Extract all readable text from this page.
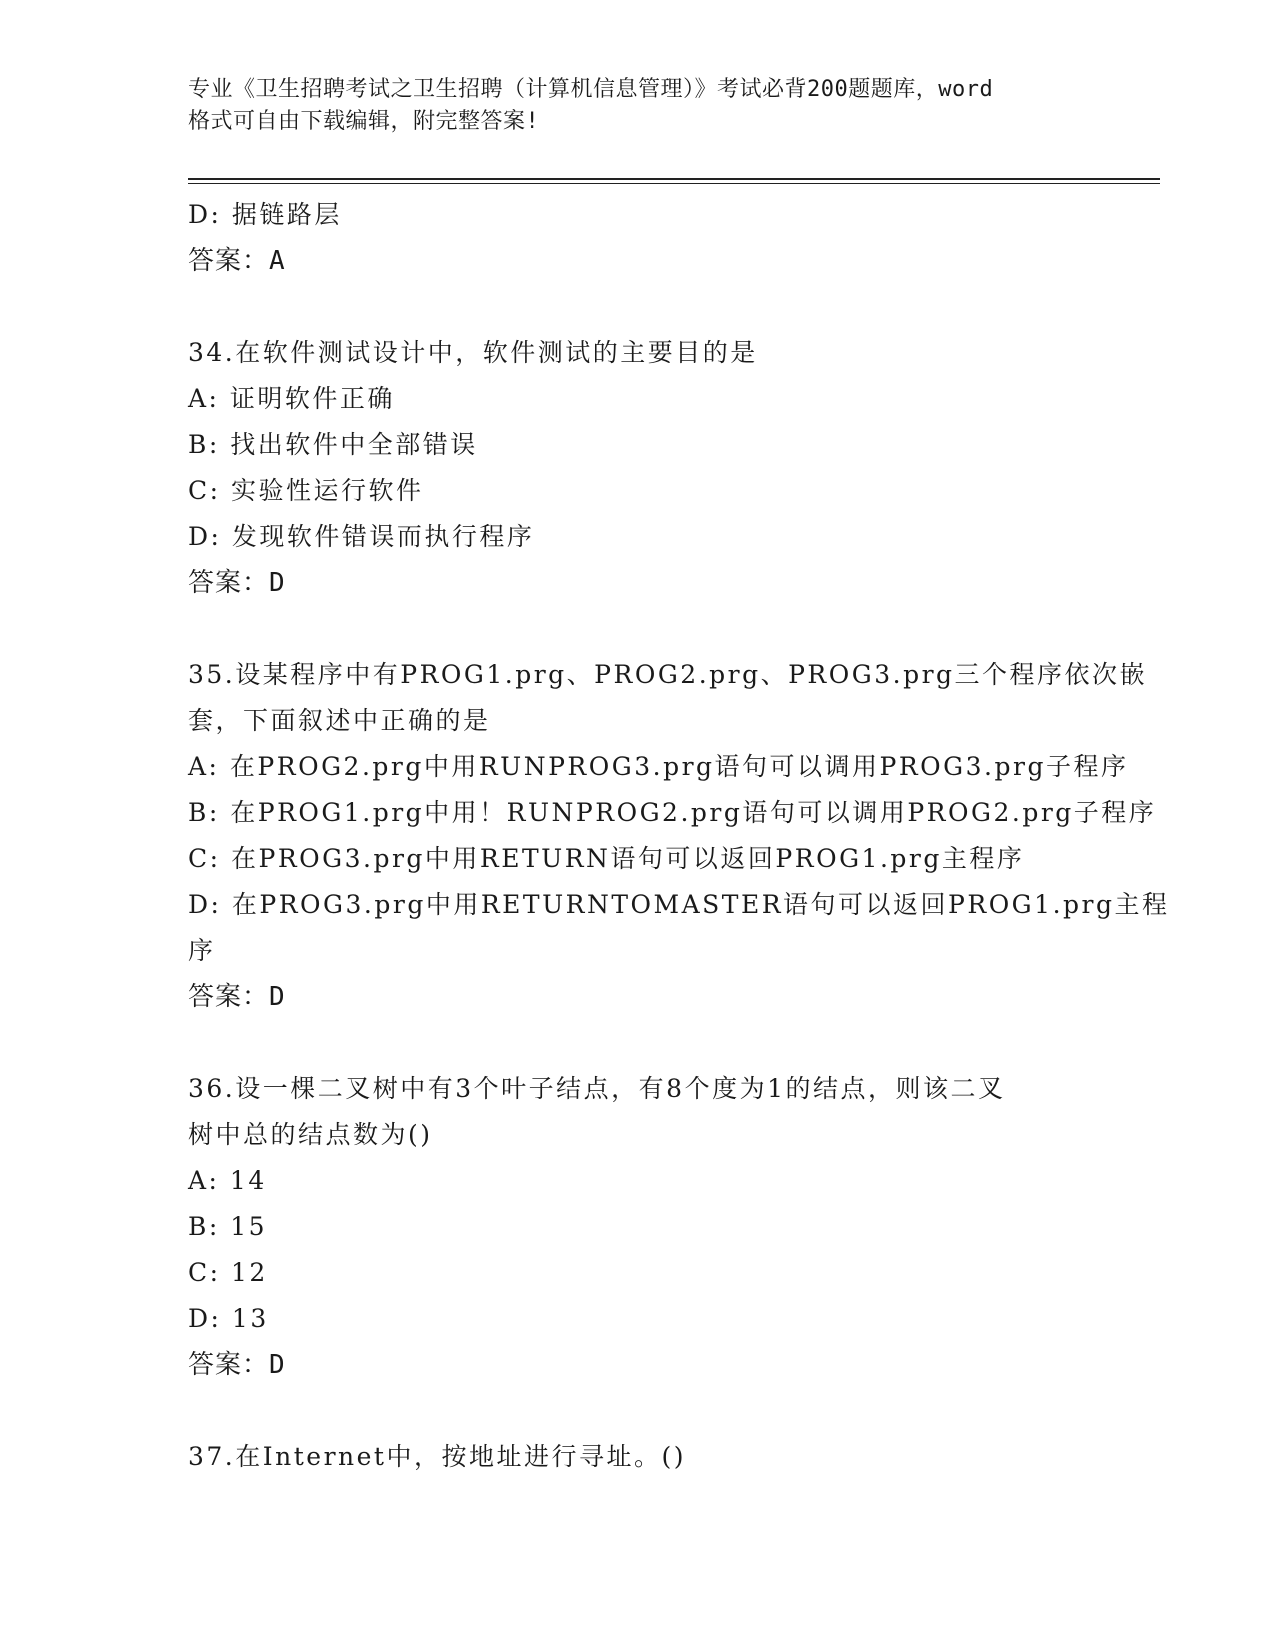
专业《卫生招聘考试之卫生招聘（计算机信息管理）》考试必背200题题库，word
格式可自由下载编辑，附完整答案!
D: 据链路层
答案：A
34.在软件测试设计中，软件测试的主要目的是
A: 证明软件正确
B: 找出软件中全部错误
C: 实验性运行软件
D: 发现软件错误而执行程序
答案：D
35.设某程序中有PROG1.prg、PROG2.prg、PROG3.prg三个程序依次嵌
套，下面叙述中正确的是
A: 在PROG2.prg中用RUNPROG3.prg语句可以调用PROG3.prg子程序
B: 在PROG1.prg中用！RUNPROG2.prg语句可以调用PROG2.prg子程序
C: 在PROG3.prg中用RETURN语句可以返回PROG1.prg主程序
D: 在PROG3.prg中用RETURNTOMASTER语句可以返回PROG1.prg主程
序
答案：D
36.设一棵二叉树中有3个叶子结点，有8个度为1的结点，则该二叉
树中总的结点数为()
A: 14
B: 15
C: 12
D: 13
答案：D
37.在Internet中，按地址进行寻址。()
